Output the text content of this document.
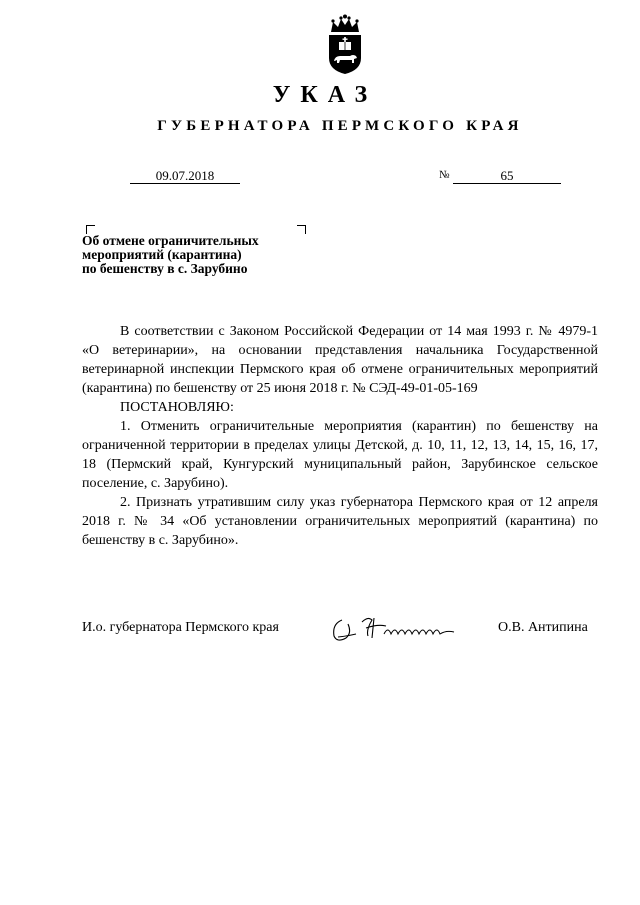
УКАЗ
ГУБЕРНАТОРА ПЕРМСКОГО КРАЯ
09.07.2018	№	65
Об отмене ограничительных
мероприятий (карантина)
по бешенству в с. Зарубино

В соответствии с Законом Российской Федерации от 14 мая 1993 г. № 4979-1 «О ветеринарии», на основании представления начальника Государственной ветеринарной инспекции Пермского края об отмене ограничительных мероприятий (карантина) по бешенству от 25 июня 2018 г. № СЭД-49-01-05-169

ПОСТАНОВЛЯЮ:

1. Отменить ограничительные мероприятия (карантин) по бешенству на ограниченной территории в пределах улицы Детской, д. 10, 11, 12, 13, 14, 15, 16, 17, 18 (Пермский край, Кунгурский муниципальный район, Зарубинское сельское поселение, с. Зарубино).

2. Признать утратившим силу указ губернатора Пермского края от 12 апреля 2018 г. № 34 «Об установлении ограничительных мероприятий (карантина) по бешенству в с. Зарубино».

И.о. губернатора Пермского края	О.В. Антипина
